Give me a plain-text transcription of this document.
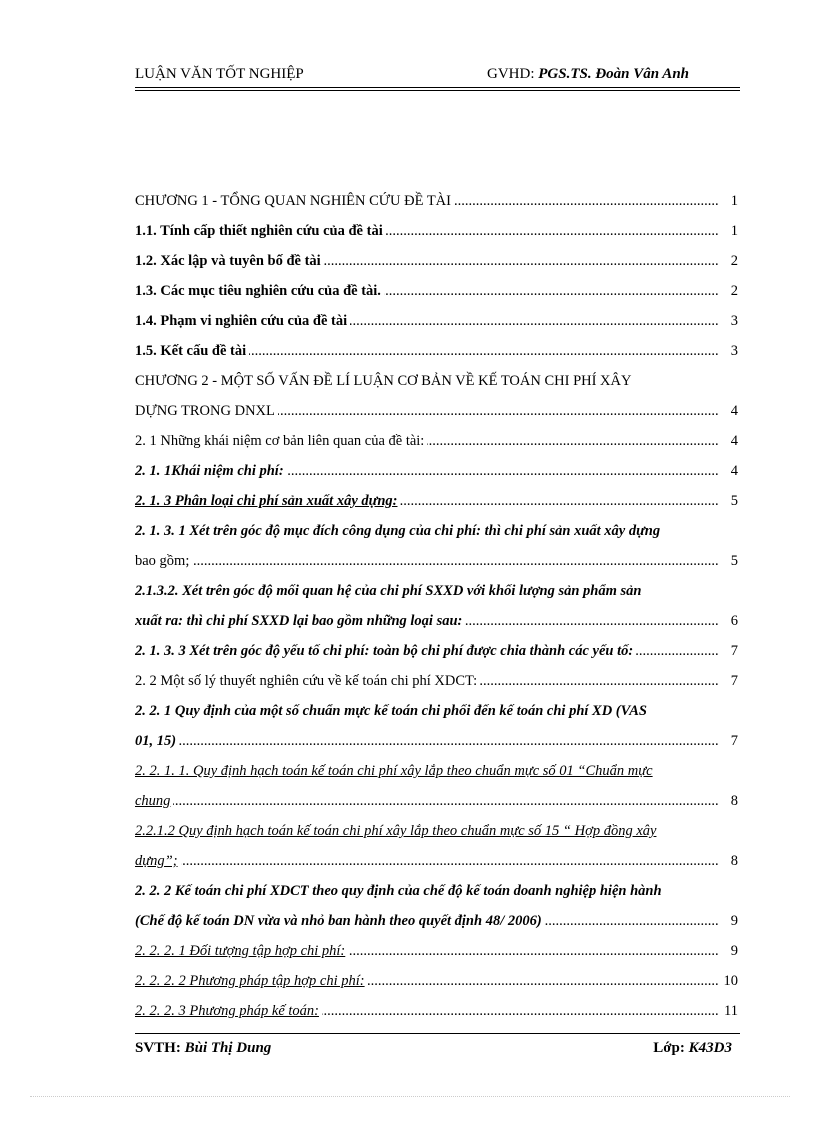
LUẬN VĂN TỐT NGHIỆP	GVHD: PGS.TS. Đoàn Vân Anh
.....
CHƯƠNG 1 - TỔNG QUAN NGHIÊN CỨU ĐỀ TÀI	1
.....
1.1. Tính cấp thiết nghiên cứu của đề tài	1
.....
1.2. Xác lập và tuyên bố đề tài	2
.....
1.3. Các mục tiêu nghiên cứu của đề tài.	2
.....
1.4. Phạm vi nghiên cứu của đề tài	3
.....
1.5. Kết cấu đề tài	3
CHƯƠNG 2 - MỘT SỐ VẤN ĐỀ LÍ LUẬN CƠ BẢN VỀ KẾ TOÁN CHI PHÍ XÂY
.....
DỰNG TRONG DNXL	4
.....
2. 1 Những khái niệm cơ bản liên quan của đề tài:	4
.....
2. 1. 1Khái niệm chi phí:	4
.....
2. 1. 3 Phân loại chi phí sản xuất xây dựng:	5
2. 1. 3. 1 Xét trên góc độ mục đích công dụng của chi phí: thì chi phí sản xuất xây dựng
.....
bao gồm;	5
2.1.3.2. Xét trên góc độ mối quan hệ của chi phí SXXD với khối lượng sản phẩm sản
.....
xuất ra: thì chi phí SXXD lại bao gồm những loại sau:	6
.....
2. 1. 3. 3 Xét trên góc độ yếu tố chi phí: toàn bộ chi phí được chia thành các yếu tố:	7
.....
2. 2 Một số lý thuyết nghiên cứu về kế toán chi phí XDCT:	7
2. 2. 1 Quy định của một số chuẩn mực kế toán chi phối đến kế toán chi phí XD (VAS
.....
01, 15)	7
2. 2. 1. 1. Quy định hạch toán kế toán chi phí xây lắp theo chuẩn mực số 01 “Chuẩn mực
.....
chung	8
2.2.1.2 Quy định hạch toán kế toán chi phí xây lắp theo chuẩn mực số 15 “ Hợp đồng xây
.....
dựng”;	8
2. 2. 2 Kế toán chi phí XDCT theo quy định của chế độ kế toán doanh nghiệp hiện hành
.....
(Chế độ kế toán DN vừa và nhỏ ban hành theo quyết định 48/ 2006)	9
.....
2. 2. 2. 1 Đối tượng tập hợp chi phí:	9
.....
2. 2. 2. 2 Phương pháp tập hợp chi phí:	10
.....
2. 2. 2. 3 Phương pháp kế toán:	11
SVTH: Bùi Thị Dung	Lớp: K43D3
